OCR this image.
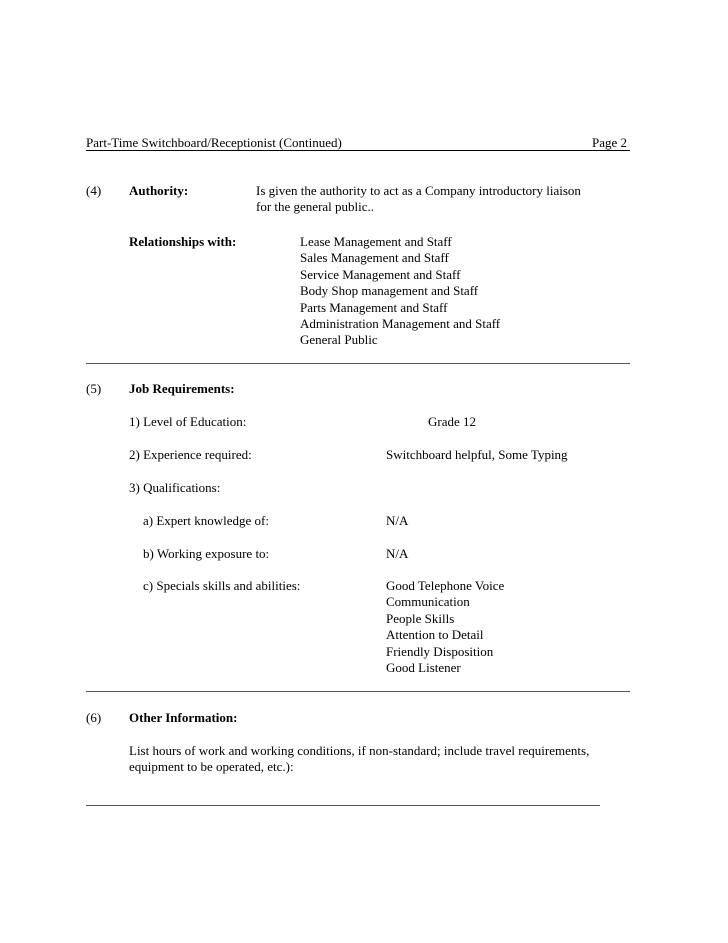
Part-Time Switchboard/Receptionist (Continued)	Page 2
(4) Authority:	Is given the authority to act as a Company introductory liaison
for the general public..
Relationships with:	Lease Management and Staff
Sales Management and Staff
Service Management and Staff
Body Shop management and Staff
Parts Management and Staff
Administration Management and Staff
General Public
(5) Job Requirements:
1) Level of Education:	Grade 12
2) Experience required:	Switchboard helpful, Some Typing
3) Qualifications:
a) Expert knowledge of:	N/A
b) Working exposure to:	N/A
c) Specials skills and abilities:	Good Telephone Voice
Communication
People Skills
Attention to Detail
Friendly Disposition
Good Listener
(6) Other Information:
List hours of work and working conditions, if non-standard; include travel requirements,
equipment to be operated, etc.):
